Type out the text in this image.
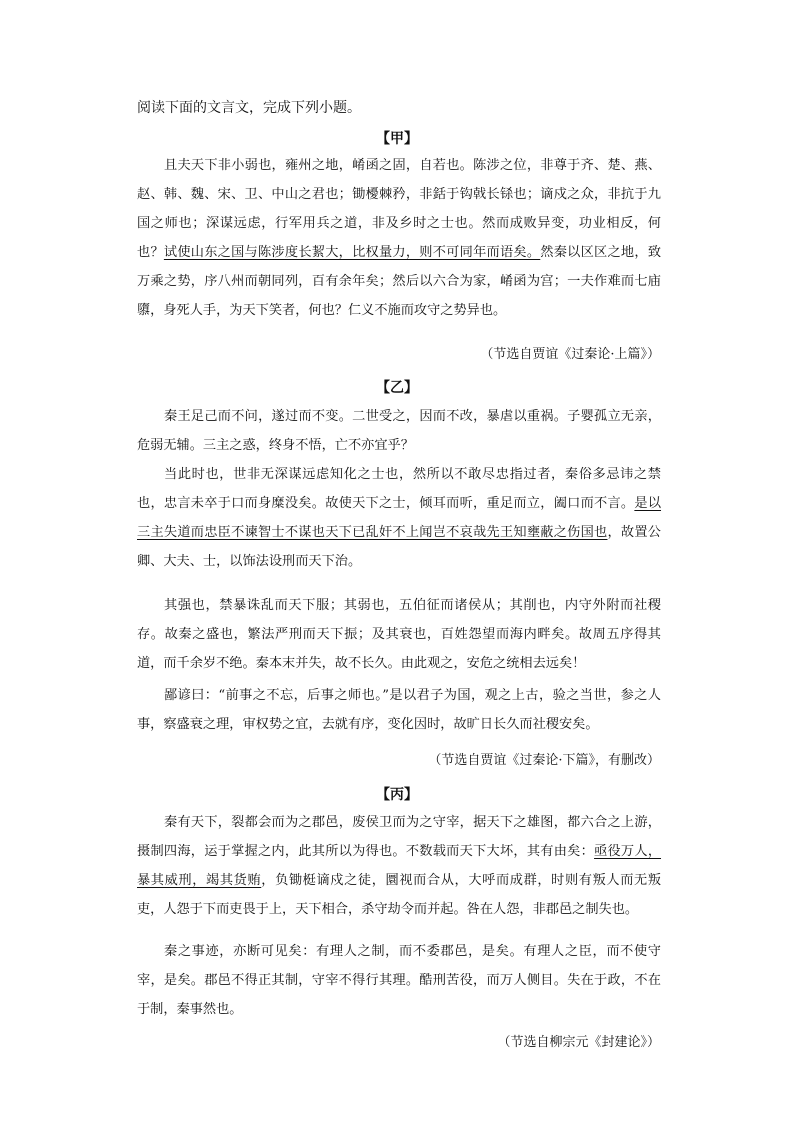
阅读下面的文言文，完成下列小题。
【甲】

且夫天下非小弱也，雍州之地，崤函之固，自若也。陈涉之位，非尊于齐、楚、燕、赵、韩、魏、宋、卫、中山之君也；锄櫌棘矜，非銛于钩戟长铩也；谪戍之众，非抗于九国之师也；深谋远虑，行军用兵之道，非及乡时之士也。然而成败异变，功业相反，何也？试使山东之国与陈涉度长絜大，比权量力，则不可同年而语矣。然秦以区区之地，致万乘之势，序八州而朝同列，百有余年矣；然后以六合为家，崤函为宫；一夫作难而七庙隳，身死人手，为天下笑者，何也？仁义不施而攻守之势异也。

（节选自贾谊《过秦论·上篇》）
【乙】

秦王足己而不问，遂过而不变。二世受之，因而不改，暴虐以重祸。子婴孤立无亲，危弱无辅。三主之惑，终身不悟，亡不亦宜乎？

当此时也，世非无深谋远虑知化之士也，然所以不敢尽忠指过者，秦俗多忌讳之禁也，忠言未卒于口而身糜没矣。故使天下之士，倾耳而听，重足而立，阖口而不言。是以三主失道而忠臣不谏智士不谋也天下已乱奸不上闻岂不哀哉先王知壅蔽之伤国也，故置公卿、大夫、士，以饰法设刑而天下治。

其强也，禁暴诛乱而天下服；其弱也，五伯征而诸侯从；其削也，内守外附而社稷存。故秦之盛也，繁法严刑而天下振；及其衰也，百姓怨望而海内畔矣。故周五序得其道，而千余岁不绝。秦本末并失，故不长久。由此观之，安危之统相去远矣！

鄙谚曰：“前事之不忘，后事之师也。”是以君子为国，观之上古，验之当世，参之人事，察盛衰之理，审权势之宜，去就有序，变化因时，故旷日长久而社稷安矣。

（节选自贾谊《过秦论·下篇》，有删改）
【丙】

秦有天下，裂都会而为之郡邑，废侯卫而为之守宰，据天下之雄图，都六合之上游，摄制四海，运于掌握之内，此其所以为得也。不数载而天下大坏，其有由矣：亟役万人，暴其威刑，竭其货贿，负锄梃谪戍之徒，圜视而合从，大呼而成群，时则有叛人而无叛吏，人怨于下而吏畏于上，天下相合，杀守劫令而并起。咎在人怨，非郡邑之制失也。

秦之事迹，亦断可见矣：有理人之制，而不委郡邑，是矣。有理人之臣，而不使守宰，是矣。郡邑不得正其制，守宰不得行其理。酷刑苦役，而万人侧目。失在于政，不在于制，秦事然也。

（节选自柳宗元《封建论》）
